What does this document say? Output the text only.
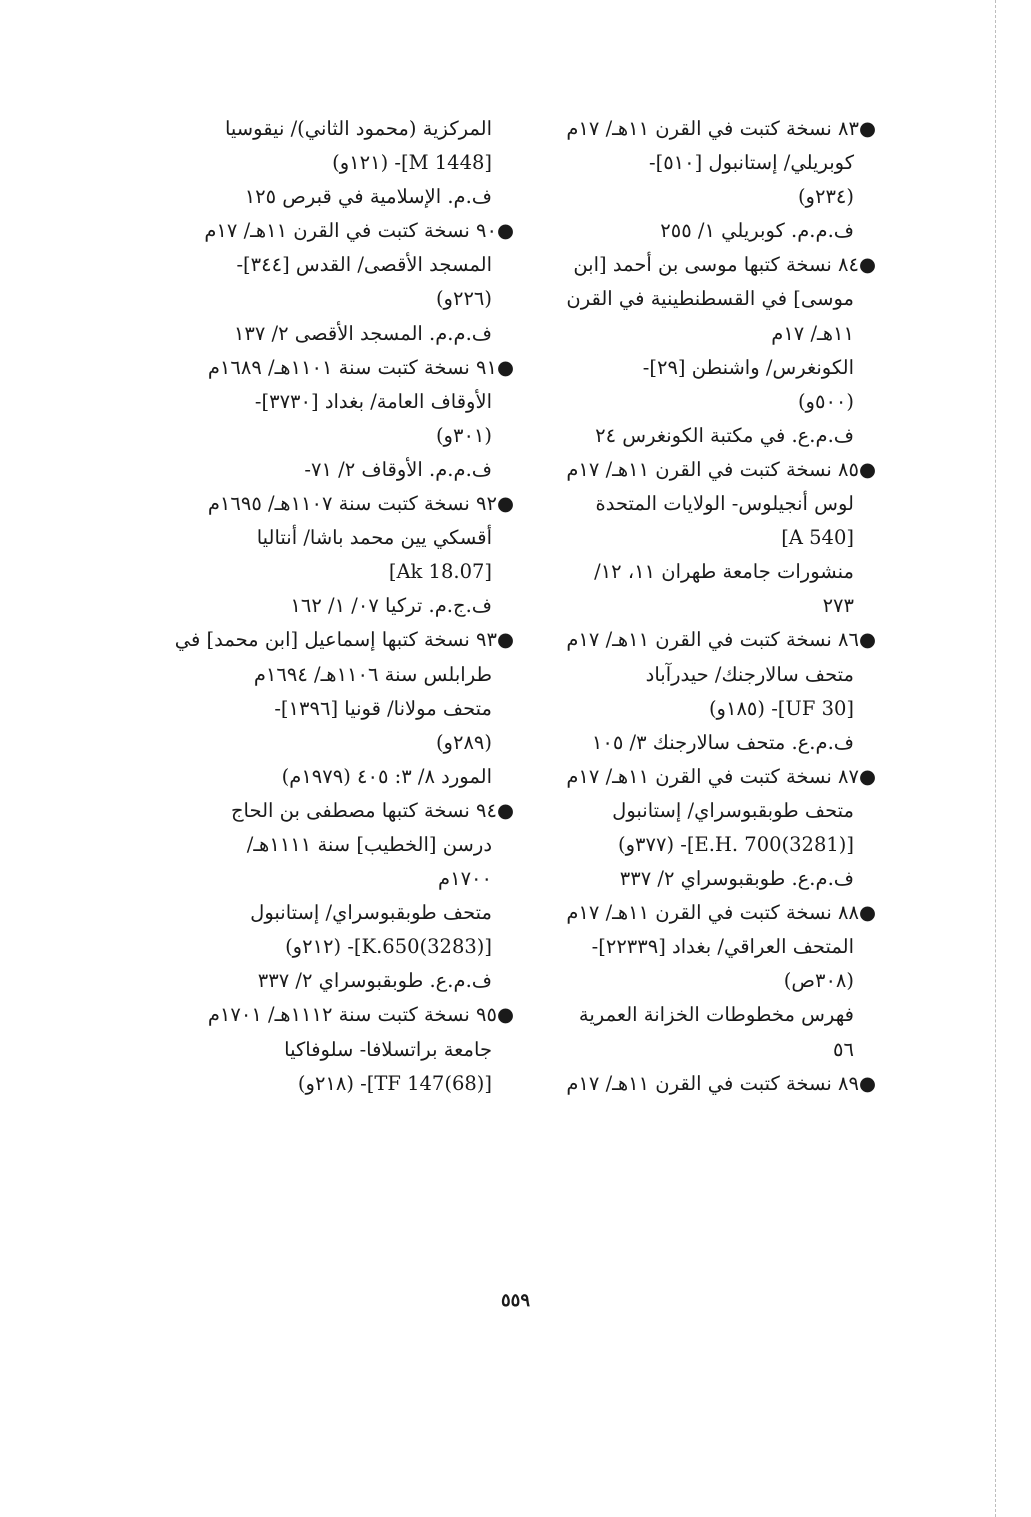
●٨٣ نسخة كتبت في القرن ١١هـ/ ١٧م
كوبريلي/ إستانبول [٥١٠]-
(٢٣٤و)
ف.م.م. كوبريلي ١/ ٢٥٥
●٨٤ نسخة كتبها موسى بن أحمد [ابن
موسى] في القسطنطينية في القرن
١١هـ/ ١٧م
الكونغرس/ واشنطن [٢٩]-
(٥٠٠و)
ف.م.ع. في مكتبة الكونغرس ٢٤
●٨٥ نسخة كتبت في القرن ١١هـ/ ١٧م
لوس أنجيلوس- الولايات المتحدة
[A 540]
منشورات جامعة طهران ١١، ١٢/
٢٧٣
●٨٦ نسخة كتبت في القرن ١١هـ/ ١٧م
متحف سالارجنك/ حيدرآباد
[UF 30]- (١٨٥و)
ف.م.ع. متحف سالارجنك ٣/ ١٠٥
●٨٧ نسخة كتبت في القرن ١١هـ/ ١٧م
متحف طوبقبوسراي/ إستانبول
[(3281)E.H. 700]- (٣٧٧و)
ف.م.ع. طوبقبوسراي ٢/ ٣٣٧
●٨٨ نسخة كتبت في القرن ١١هـ/ ١٧م
المتحف العراقي/ بغداد [٢٢٣٣٩]-
(٣٠٨ص)
فهرس مخطوطات الخزانة العمرية
٥٦
●٨٩ نسخة كتبت في القرن ١١هـ/ ١٧م
المركزية (محمود الثاني)/ نيقوسيا
[M 1448]- (١٢١و)
ف.م. الإسلامية في قبرص ١٢٥
●٩٠ نسخة كتبت في القرن ١١هـ/ ١٧م
المسجد الأقصى/ القدس [٣٤٤]-
(٢٢٦و)
ف.م.م. المسجد الأقصى ٢/ ١٣٧
●٩١ نسخة كتبت سنة ١١٠١هـ/ ١٦٨٩م
الأوقاف العامة/ بغداد [٣٧٣٠]-
(٣٠١و)
ف.م.م. الأوقاف ٢/ ٧١-
●٩٢ نسخة كتبت سنة ١١٠٧هـ/ ١٦٩٥م
أقسكي يين محمد باشا/ أنتاليا
[07.Ak 18]
ف.ج.م. تركيا ٠٧/ ١/ ١٦٢
●٩٣ نسخة كتبها إسماعيل [ابن محمد] في
طرابلس سنة ١١٠٦هـ/ ١٦٩٤م
متحف مولانا/ قونيا [١٣٩٦]-
(٢٨٩و)
المورد ٨/ ٣: ٤٠٥ (١٩٧٩م)
●٩٤ نسخة كتبها مصطفى بن الحاج
درسن [الخطيب] سنة ١١١١هـ/
١٧٠٠م
متحف طوبقبوسراي/ إستانبول
[(3283)K.650]- (٢١٢و)
ف.م.ع. طوبقبوسراي ٢/ ٣٣٧
●٩٥ نسخة كتبت سنة ١١١٢هـ/ ١٧٠١م
جامعة براتسلافا- سلوفاكيا
[(68)TF 147]- (٢١٨و)
٥٥٩
